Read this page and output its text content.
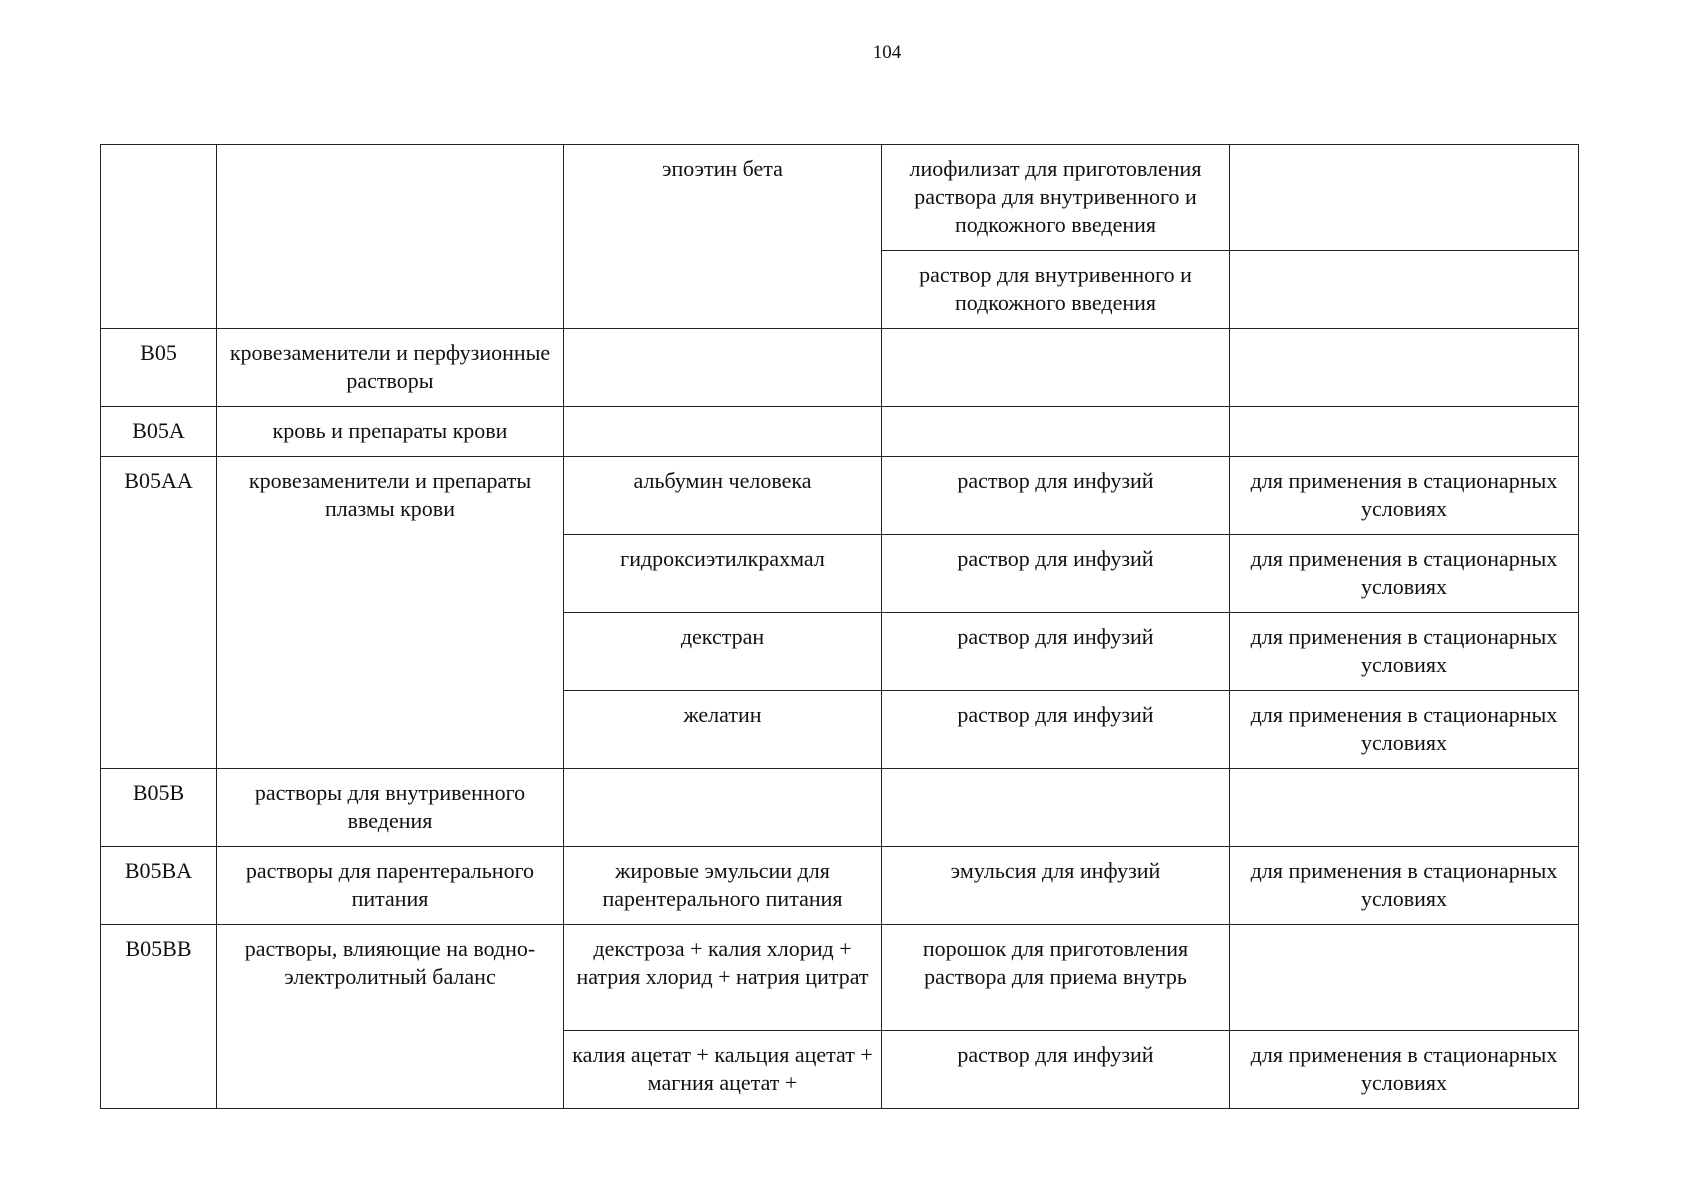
104
		эпоэтин бета	лиофилизат для приготовления раствора для внутривенного и подкожного введения	
			раствор для внутривенного и подкожного введения	
B05	кровезаменители и перфузионные растворы			
B05A	кровь и препараты крови			
B05AA	кровезаменители и препараты плазмы крови	альбумин человека	раствор для инфузий	для применения в стационарных условиях
		гидроксиэтилкрахмал	раствор для инфузий	для применения в стационарных условиях
		декстран	раствор для инфузий	для применения в стационарных условиях
		желатин	раствор для инфузий	для применения в стационарных условиях
B05B	растворы для внутривенного введения			
B05BA	растворы для парентерального питания	жировые эмульсии для парентерального питания	эмульсия для инфузий	для применения в стационарных условиях
B05BB	растворы, влияющие на водно-электролитный баланс	декстроза + калия хлорид + натрия хлорид + натрия цитрат	порошок для приготовления раствора для приема внутрь	
		калия ацетат + кальция ацетат + магния ацетат +	раствор для инфузий	для применения в стационарных условиях
